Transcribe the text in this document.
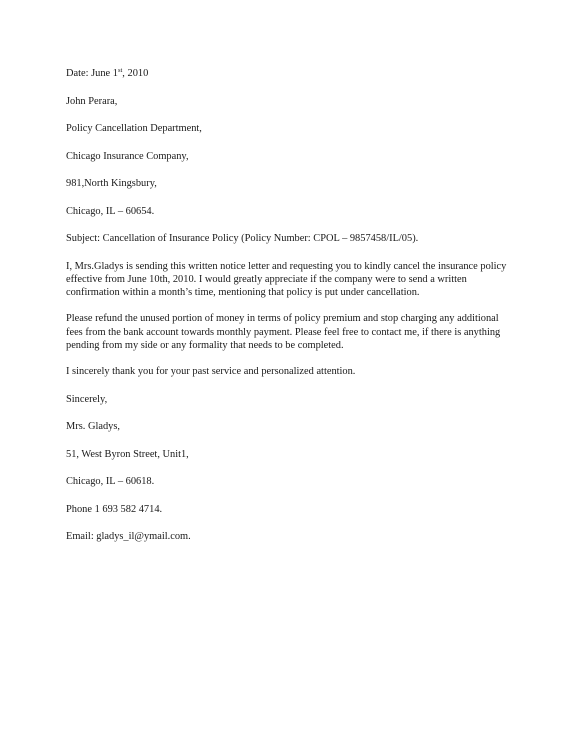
Date: June 1st, 2010
John Perara,
Policy Cancellation Department,
Chicago Insurance Company,
981,North Kingsbury,
Chicago, IL – 60654.
Subject: Cancellation of Insurance Policy (Policy Number: CPOL – 9857458/IL/05).
I, Mrs.Gladys is sending this written notice letter and requesting you to kindly cancel the insurance policy
effective from June 10th, 2010. I would greatly appreciate if the company were to send a written
confirmation within a month’s time, mentioning that policy is put under cancellation.
Please refund the unused portion of money in terms of policy premium and stop charging any additional
fees from the bank account towards monthly payment. Please feel free to contact me, if there is anything
pending from my side or any formality that needs to be completed.
I sincerely thank you for your past service and personalized attention.
Sincerely,
Mrs. Gladys,
51, West Byron Street, Unit1,
Chicago, IL – 60618.
Phone 1 693 582 4714.
Email: gladys_il@ymail.com.
